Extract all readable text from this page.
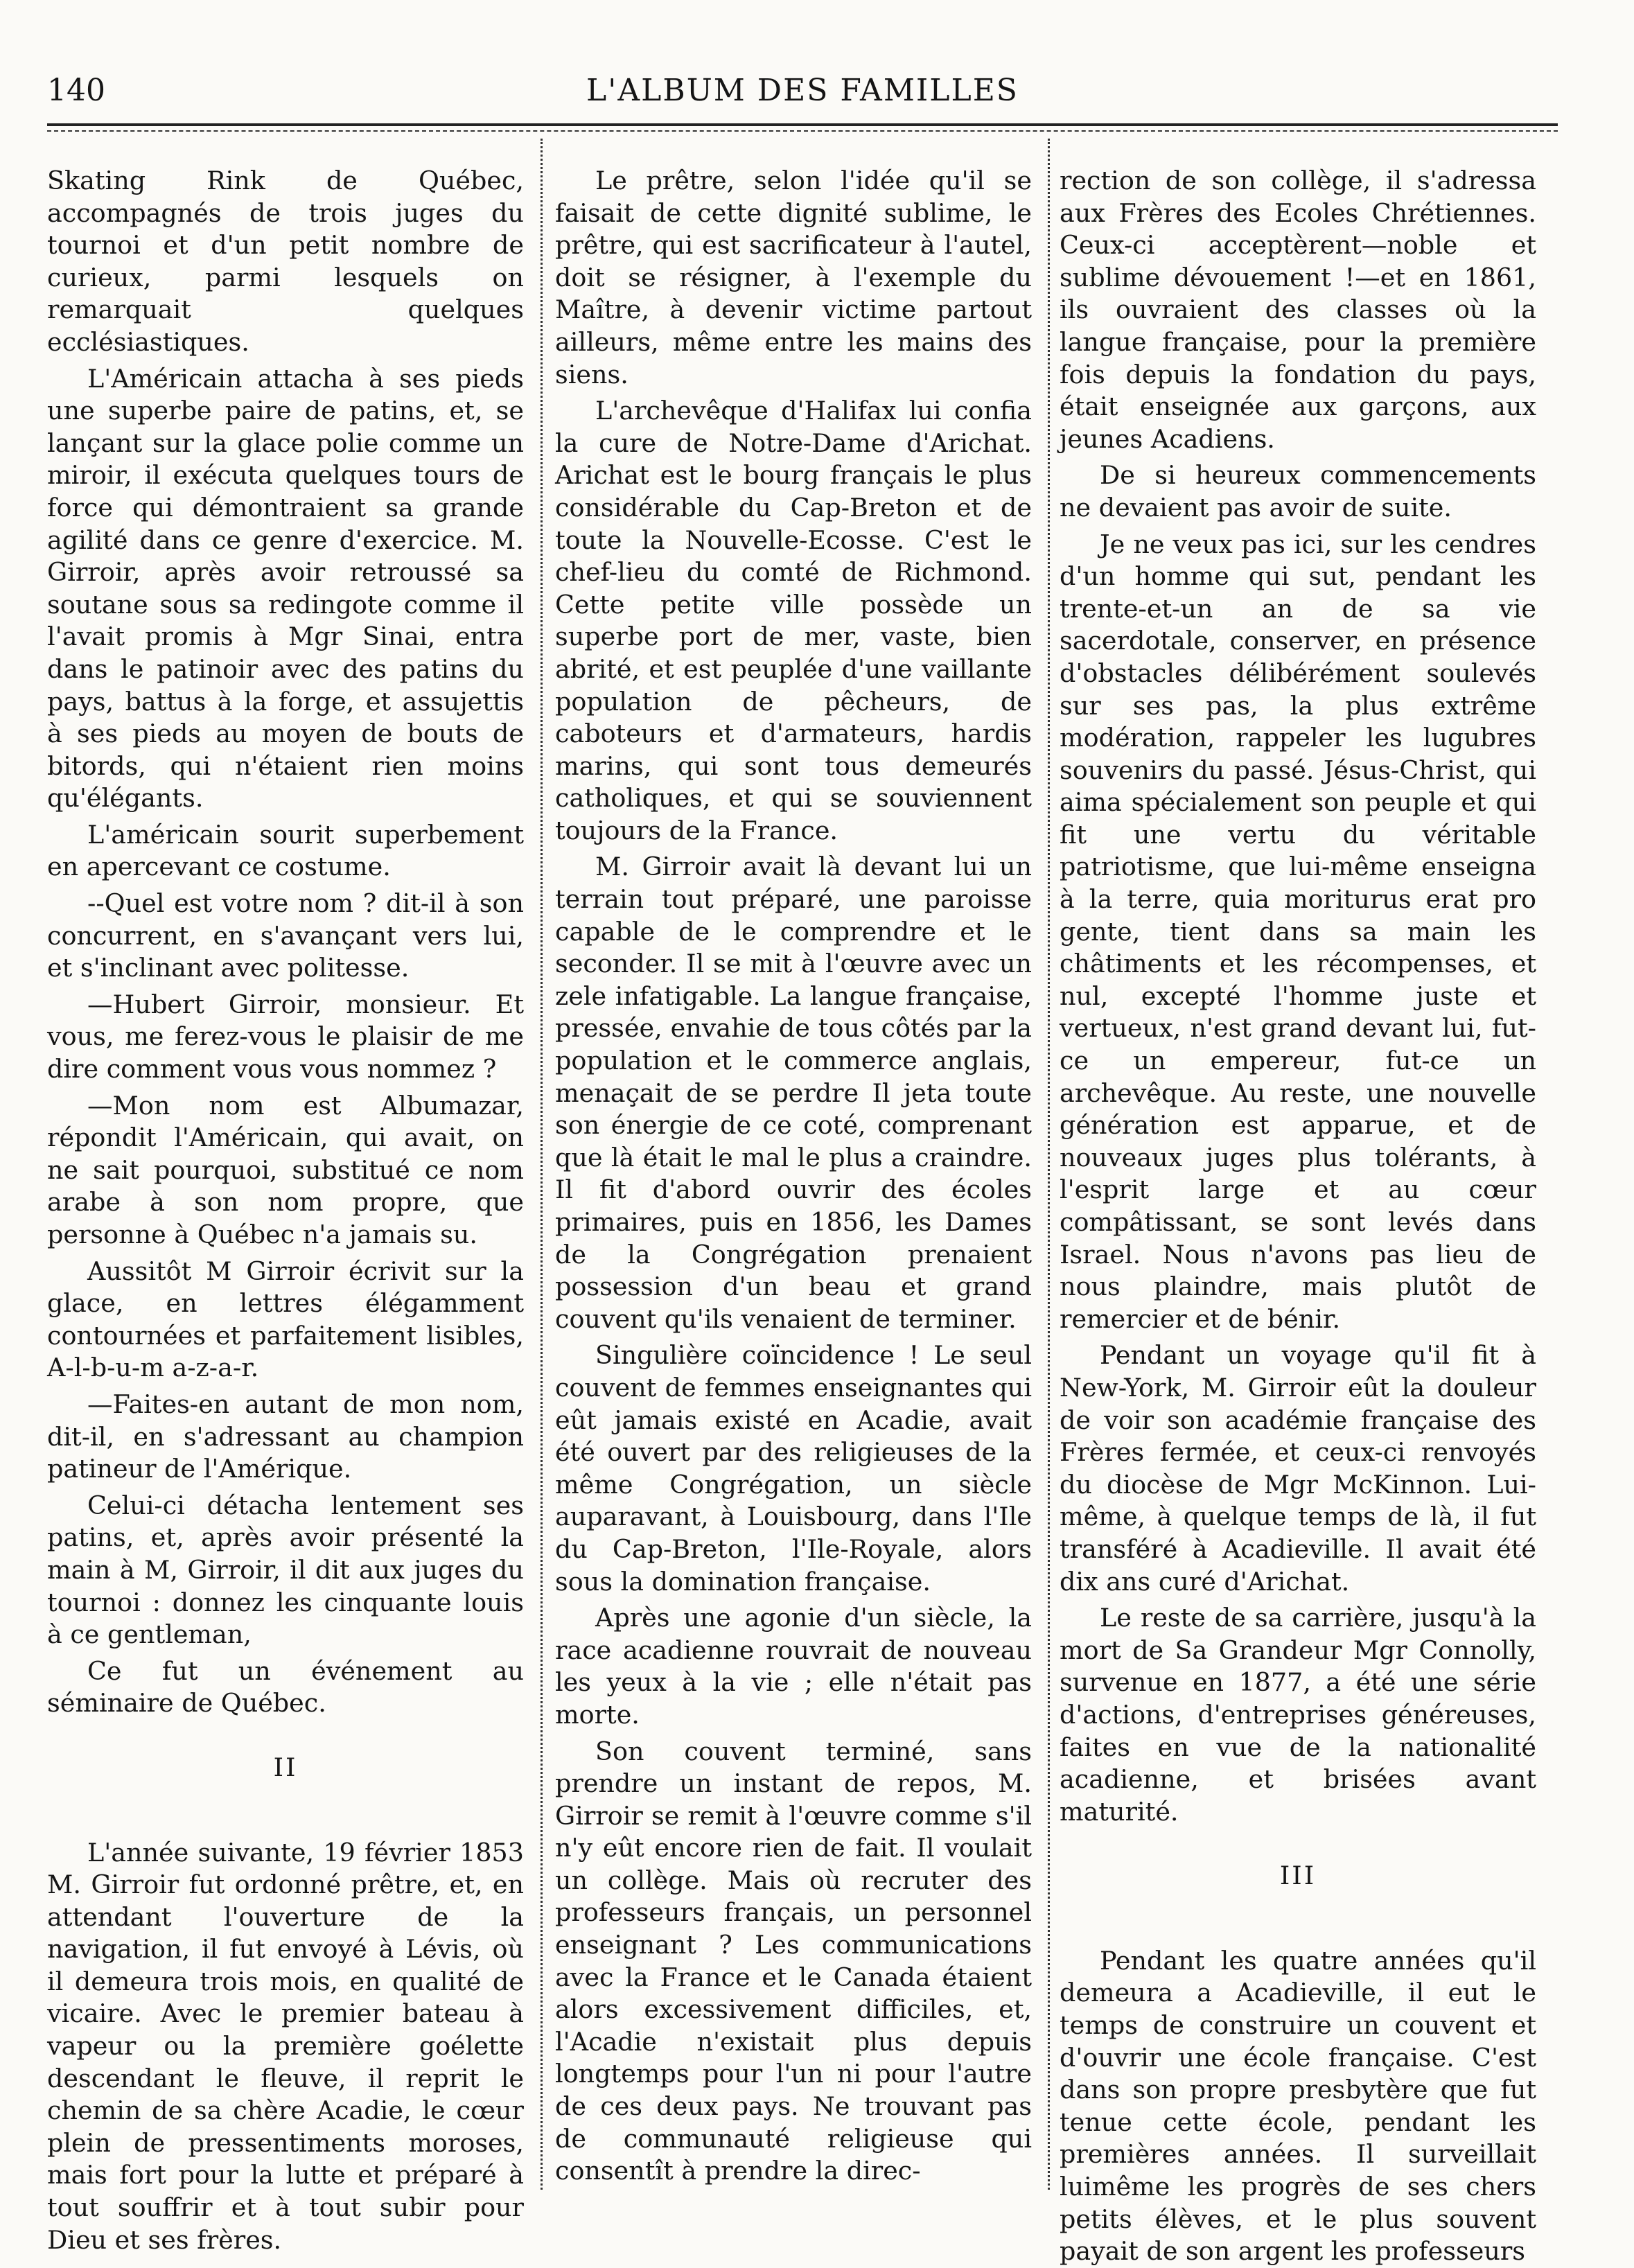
L'ALBUM DES FAMILLES
140

Skating Rink de Québec, accompagnés de trois juges du tournoi et d'un petit nombre de curieux, parmi lesquels on remarquait quelques ecclésiastiques.

L'Américain attacha à ses pieds une superbe paire de patins, et, se lançant sur la glace polie comme un miroir, il exécuta quelques tours de force qui démontraient sa grande agilité dans ce genre d'exercice. M. Girroir, après avoir retroussé sa soutane sous sa redingote comme il l'avait promis à Mgr Sinai, entra dans le patinoir avec des patins du pays, battus à la forge, et assujettis à ses pieds au moyen de bouts de bitords, qui n'étaient rien moins qu'élégants.

L'américain sourit superbement en apercevant ce costume.

--Quel est votre nom ? dit-il à son concurrent, en s'avançant vers lui, et s'inclinant avec politesse.

—Hubert Girroir, monsieur. Et vous, me ferez-vous le plaisir de me dire comment vous vous nommez ?

—Mon nom est Albumazar, répondit l'Américain, qui avait, on ne sait pourquoi, substitué ce nom arabe à son nom propre, que personne à Québec n'a jamais su.

Aussitôt M Girroir écrivit sur la glace, en lettres élégamment contournées et parfaitement lisibles, A-l-b-u-m a-z-a-r.

—Faites-en autant de mon nom, dit-il, en s'adressant au champion patineur de l'Amérique.

Celui-ci détacha lentement ses patins, et, après avoir présenté la main à M, Girroir, il dit aux juges du tournoi : donnez les cinquante louis à ce gentleman,

Ce fut un événement au séminaire de Québec.

II

L'année suivante, 19 février 1853 M. Girroir fut ordonné prêtre, et, en attendant l'ouverture de la navigation, il fut envoyé à Lévis, où il demeura trois mois, en qualité de vicaire. Avec le premier bateau à vapeur ou la première goélette descendant le fleuve, il reprit le chemin de sa chère Acadie, le cœur plein de pressentiments moroses, mais fort pour la lutte et préparé à tout souffrir et à tout subir pour Dieu et ses frères.

Le prêtre, selon l'idée qu'il se faisait de cette dignité sublime, le prêtre, qui est sacrificateur à l'autel, doit se résigner, à l'exemple du Maître, à devenir victime partout ailleurs, même entre les mains des siens.

L'archevêque d'Halifax lui confia la cure de Notre-Dame d'Arichat. Arichat est le bourg français le plus considérable du Cap-Breton et de toute la Nouvelle-Ecosse. C'est le chef-lieu du comté de Richmond. Cette petite ville possède un superbe port de mer, vaste, bien abrité, et est peuplée d'une vaillante population de pêcheurs, de caboteurs et d'armateurs, hardis marins, qui sont tous demeurés catholiques, et qui se souviennent toujours de la France.

M. Girroir avait là devant lui un terrain tout préparé, une paroisse capable de le comprendre et le seconder. Il se mit à l'œuvre avec un zele infatigable. La langue française, pressée, envahie de tous côtés par la population et le commerce anglais, menaçait de se perdre Il jeta toute son énergie de ce coté, comprenant que là était le mal le plus a craindre. Il fit d'abord ouvrir des écoles primaires, puis en 1856, les Dames de la Congrégation prenaient possession d'un beau et grand couvent qu'ils venaient de terminer.

Singulière coïncidence ! Le seul couvent de femmes enseignantes qui eût jamais existé en Acadie, avait été ouvert par des religieuses de la même Congrégation, un siècle auparavant, à Louisbourg, dans l'Ile du Cap-Breton, l'Ile-Royale, alors sous la domination française.

Après une agonie d'un siècle, la race acadienne rouvrait de nouveau les yeux à la vie ; elle n'était pas morte.

Son couvent terminé, sans prendre un instant de repos, M. Girroir se remit à l'œuvre comme s'il n'y eût encore rien de fait. Il voulait un collège. Mais où recruter des professeurs français, un personnel enseignant ? Les communications avec la France et le Canada étaient alors excessivement difficiles, et, l'Acadie n'existait plus depuis longtemps pour l'un ni pour l'autre de ces deux pays. Ne trouvant pas de communauté religieuse qui consentît à prendre la direc-

rection de son collège, il s'adressa aux Frères des Ecoles Chrétiennes. Ceux-ci acceptèrent—noble et sublime dévouement !—et en 1861, ils ouvraient des classes où la langue française, pour la première fois depuis la fondation du pays, était enseignée aux garçons, aux jeunes Acadiens.

De si heureux commencements ne devaient pas avoir de suite.

Je ne veux pas ici, sur les cendres d'un homme qui sut, pendant les trente-et-un an de sa vie sacerdotale, conserver, en présence d'obstacles délibérément soulevés sur ses pas, la plus extrême modération, rappeler les lugubres souvenirs du passé. Jésus-Christ, qui aima spécialement son peuple et qui fit une vertu du véritable patriotisme, que lui-même enseigna à la terre, quia moriturus erat pro gente, tient dans sa main les châtiments et les récompenses, et nul, excepté l'homme juste et vertueux, n'est grand devant lui, fut-ce un empereur, fut-ce un archevêque. Au reste, une nouvelle génération est apparue, et de nouveaux juges plus tolérants, à l'esprit large et au cœur compâtissant, se sont levés dans Israel. Nous n'avons pas lieu de nous plaindre, mais plutôt de remercier et de bénir.

Pendant un voyage qu'il fit à New-York, M. Girroir eût la douleur de voir son académie française des Frères fermée, et ceux-ci renvoyés du diocèse de Mgr McKinnon. Lui-même, à quelque temps de là, il fut transféré à Acadieville. Il avait été dix ans curé d'Arichat.

Le reste de sa carrière, jusqu'à la mort de Sa Grandeur Mgr Connolly, survenue en 1877, a été une série d'actions, d'entreprises généreuses, faites en vue de la nationalité acadienne, et brisées avant maturité.

III

Pendant les quatre années qu'il demeura a Acadieville, il eut le temps de construire un couvent et d'ouvrir une école française. C'est dans son propre presbytère que fut tenue cette école, pendant les premières années. Il surveillait luimême les progrès de ses chers petits élèves, et le plus souvent payait de son argent les professeurs
